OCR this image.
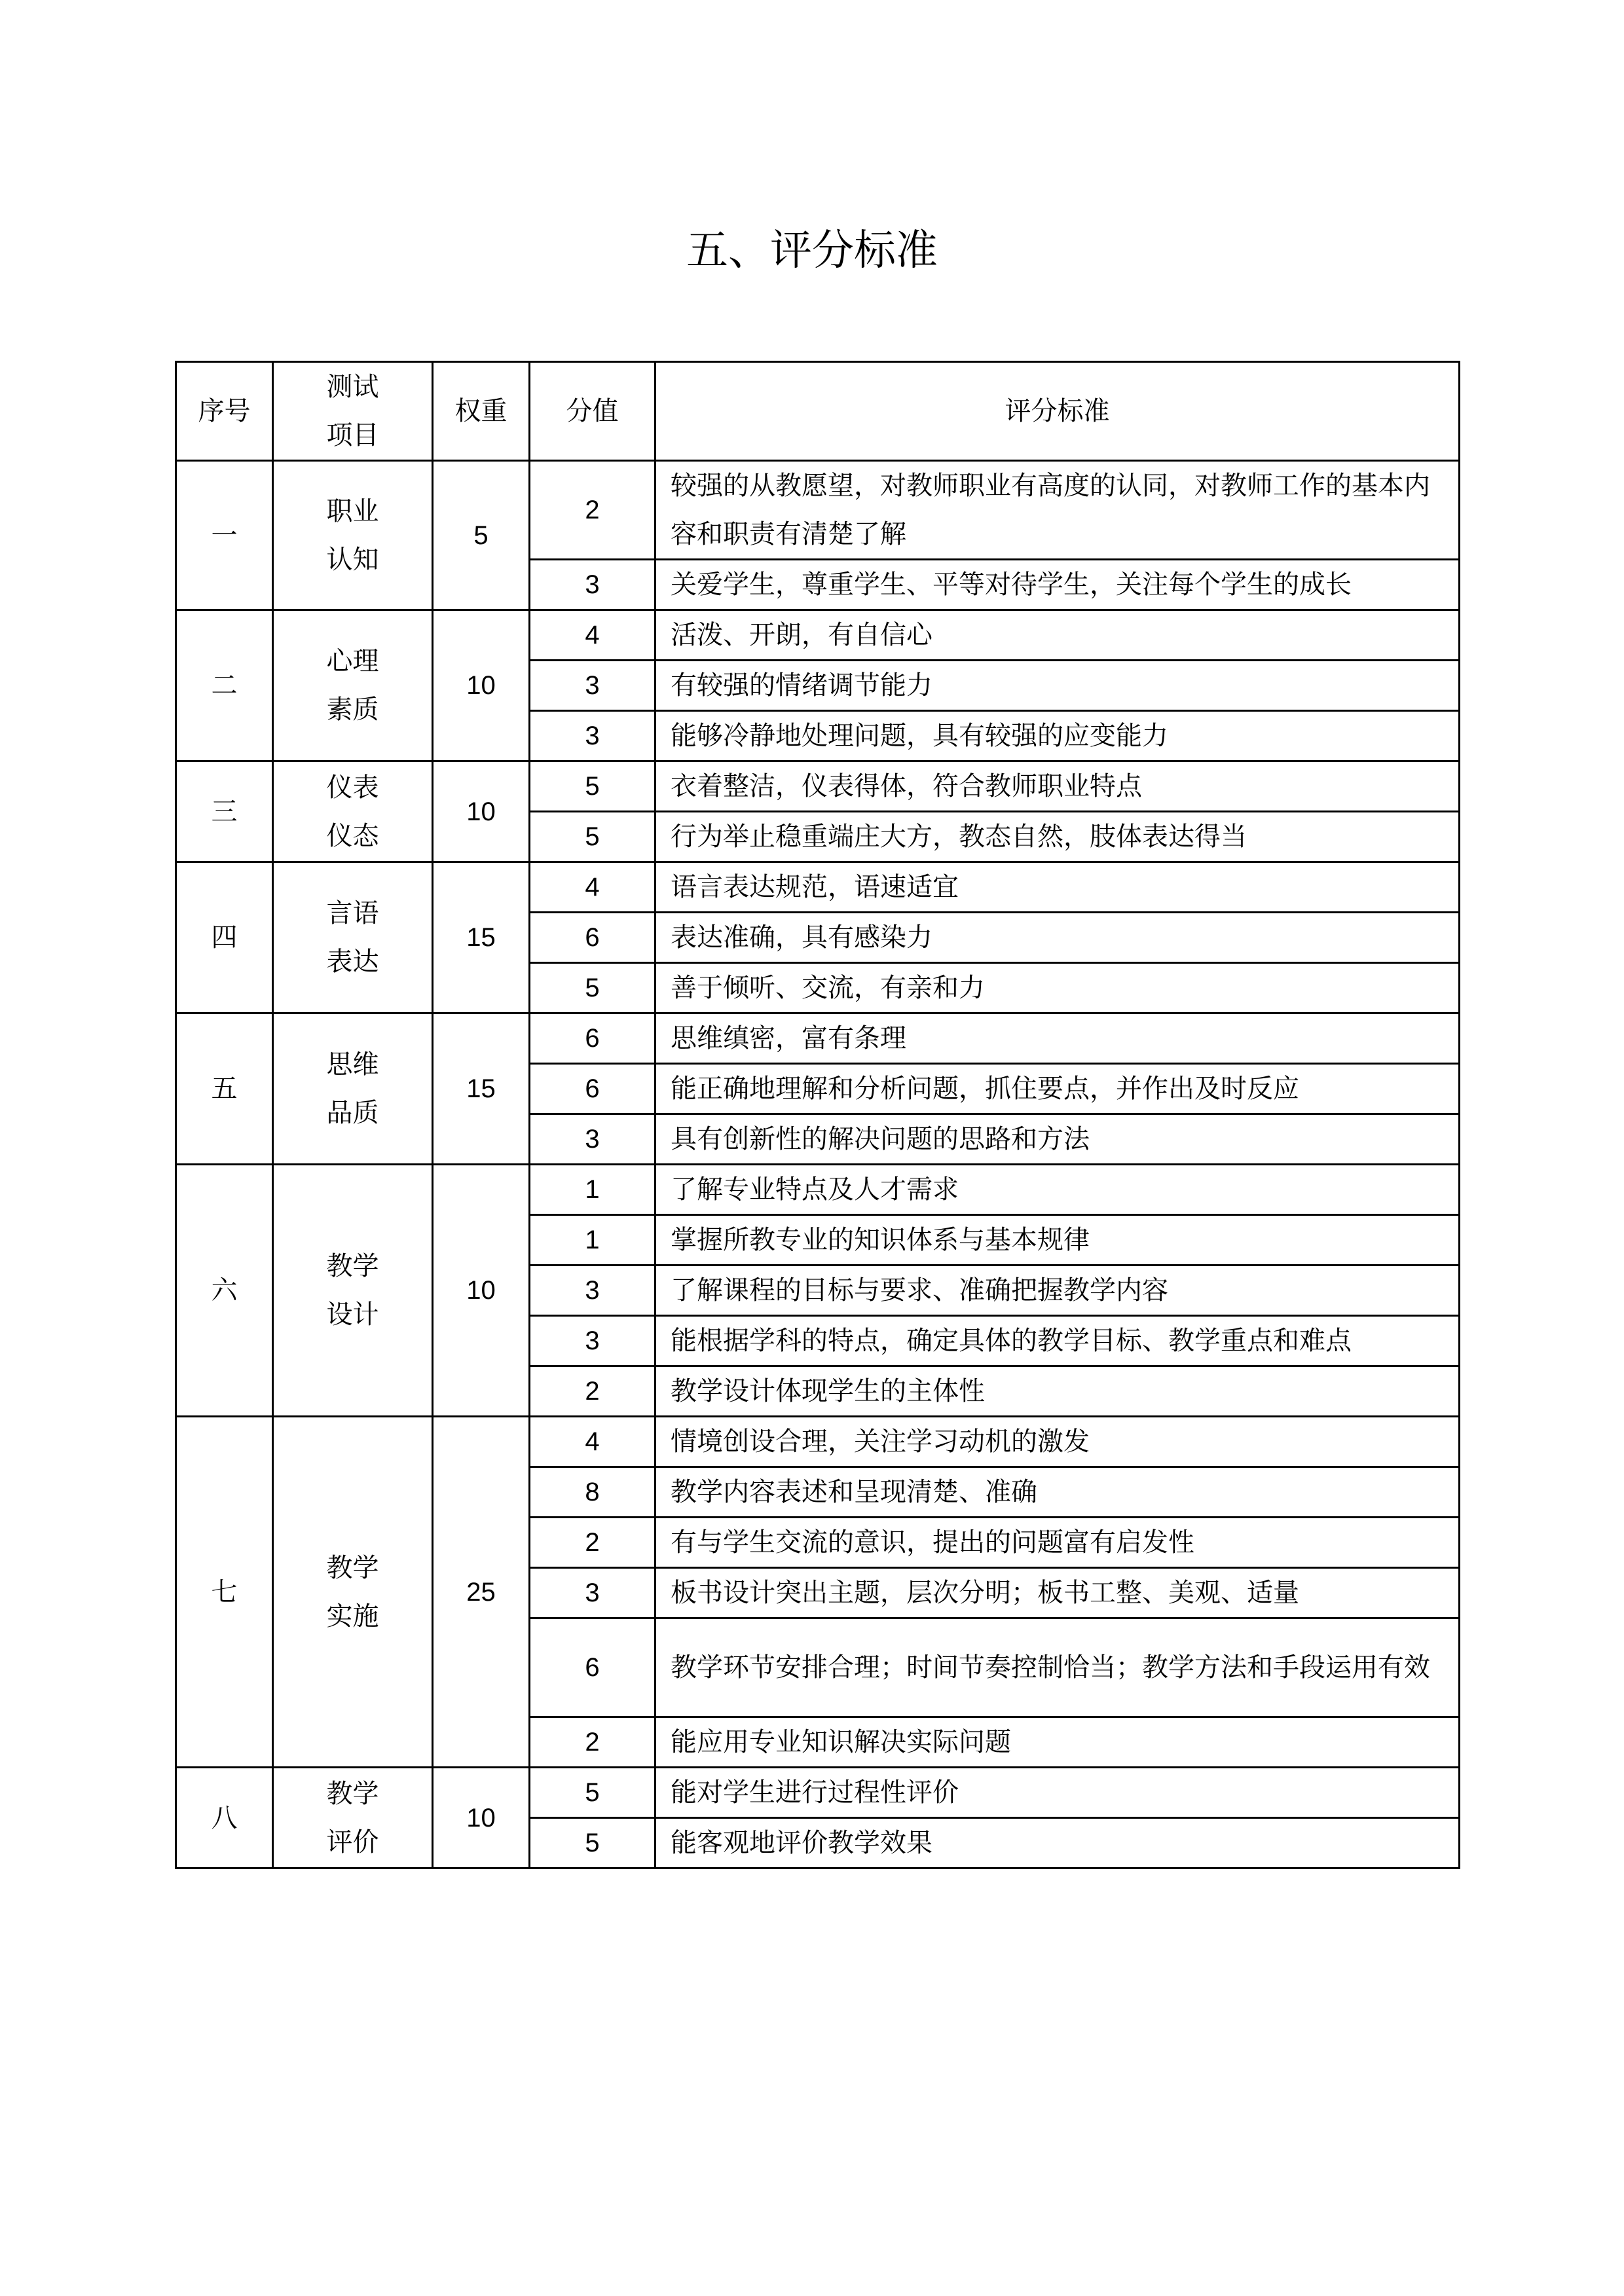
五、评分标准
序号	测试项目	权重	分值	评分标准
一	职业认知	5	2	较强的从教愿望，对教师职业有高度的认同，对教师工作的基本内容和职责有清楚了解
			3	关爱学生，尊重学生、平等对待学生，关注每个学生的成长
二	心理素质	10	4	活泼、开朗，有自信心
			3	有较强的情绪调节能力
			3	能够冷静地处理问题，具有较强的应变能力
三	仪表仪态	10	5	衣着整洁，仪表得体，符合教师职业特点
			5	行为举止稳重端庄大方，教态自然，肢体表达得当
四	言语表达	15	4	语言表达规范，语速适宜
			6	表达准确，具有感染力
			5	善于倾听、交流，有亲和力
五	思维品质	15	6	思维缜密，富有条理
			6	能正确地理解和分析问题，抓住要点，并作出及时反应
			3	具有创新性的解决问题的思路和方法
六	教学设计	10	1	了解专业特点及人才需求
			1	掌握所教专业的知识体系与基本规律
			3	了解课程的目标与要求、准确把握教学内容
			3	能根据学科的特点，确定具体的教学目标、教学重点和难点
			2	教学设计体现学生的主体性
七	教学实施	25	4	情境创设合理，关注学习动机的激发
			8	教学内容表述和呈现清楚、准确
			2	有与学生交流的意识，提出的问题富有启发性
			3	板书设计突出主题，层次分明；板书工整、美观、适量
			6	教学环节安排合理；时间节奏控制恰当；教学方法和手段运用有效
			2	能应用专业知识解决实际问题
八	教学评价	10	5	能对学生进行过程性评价
			5	能客观地评价教学效果
